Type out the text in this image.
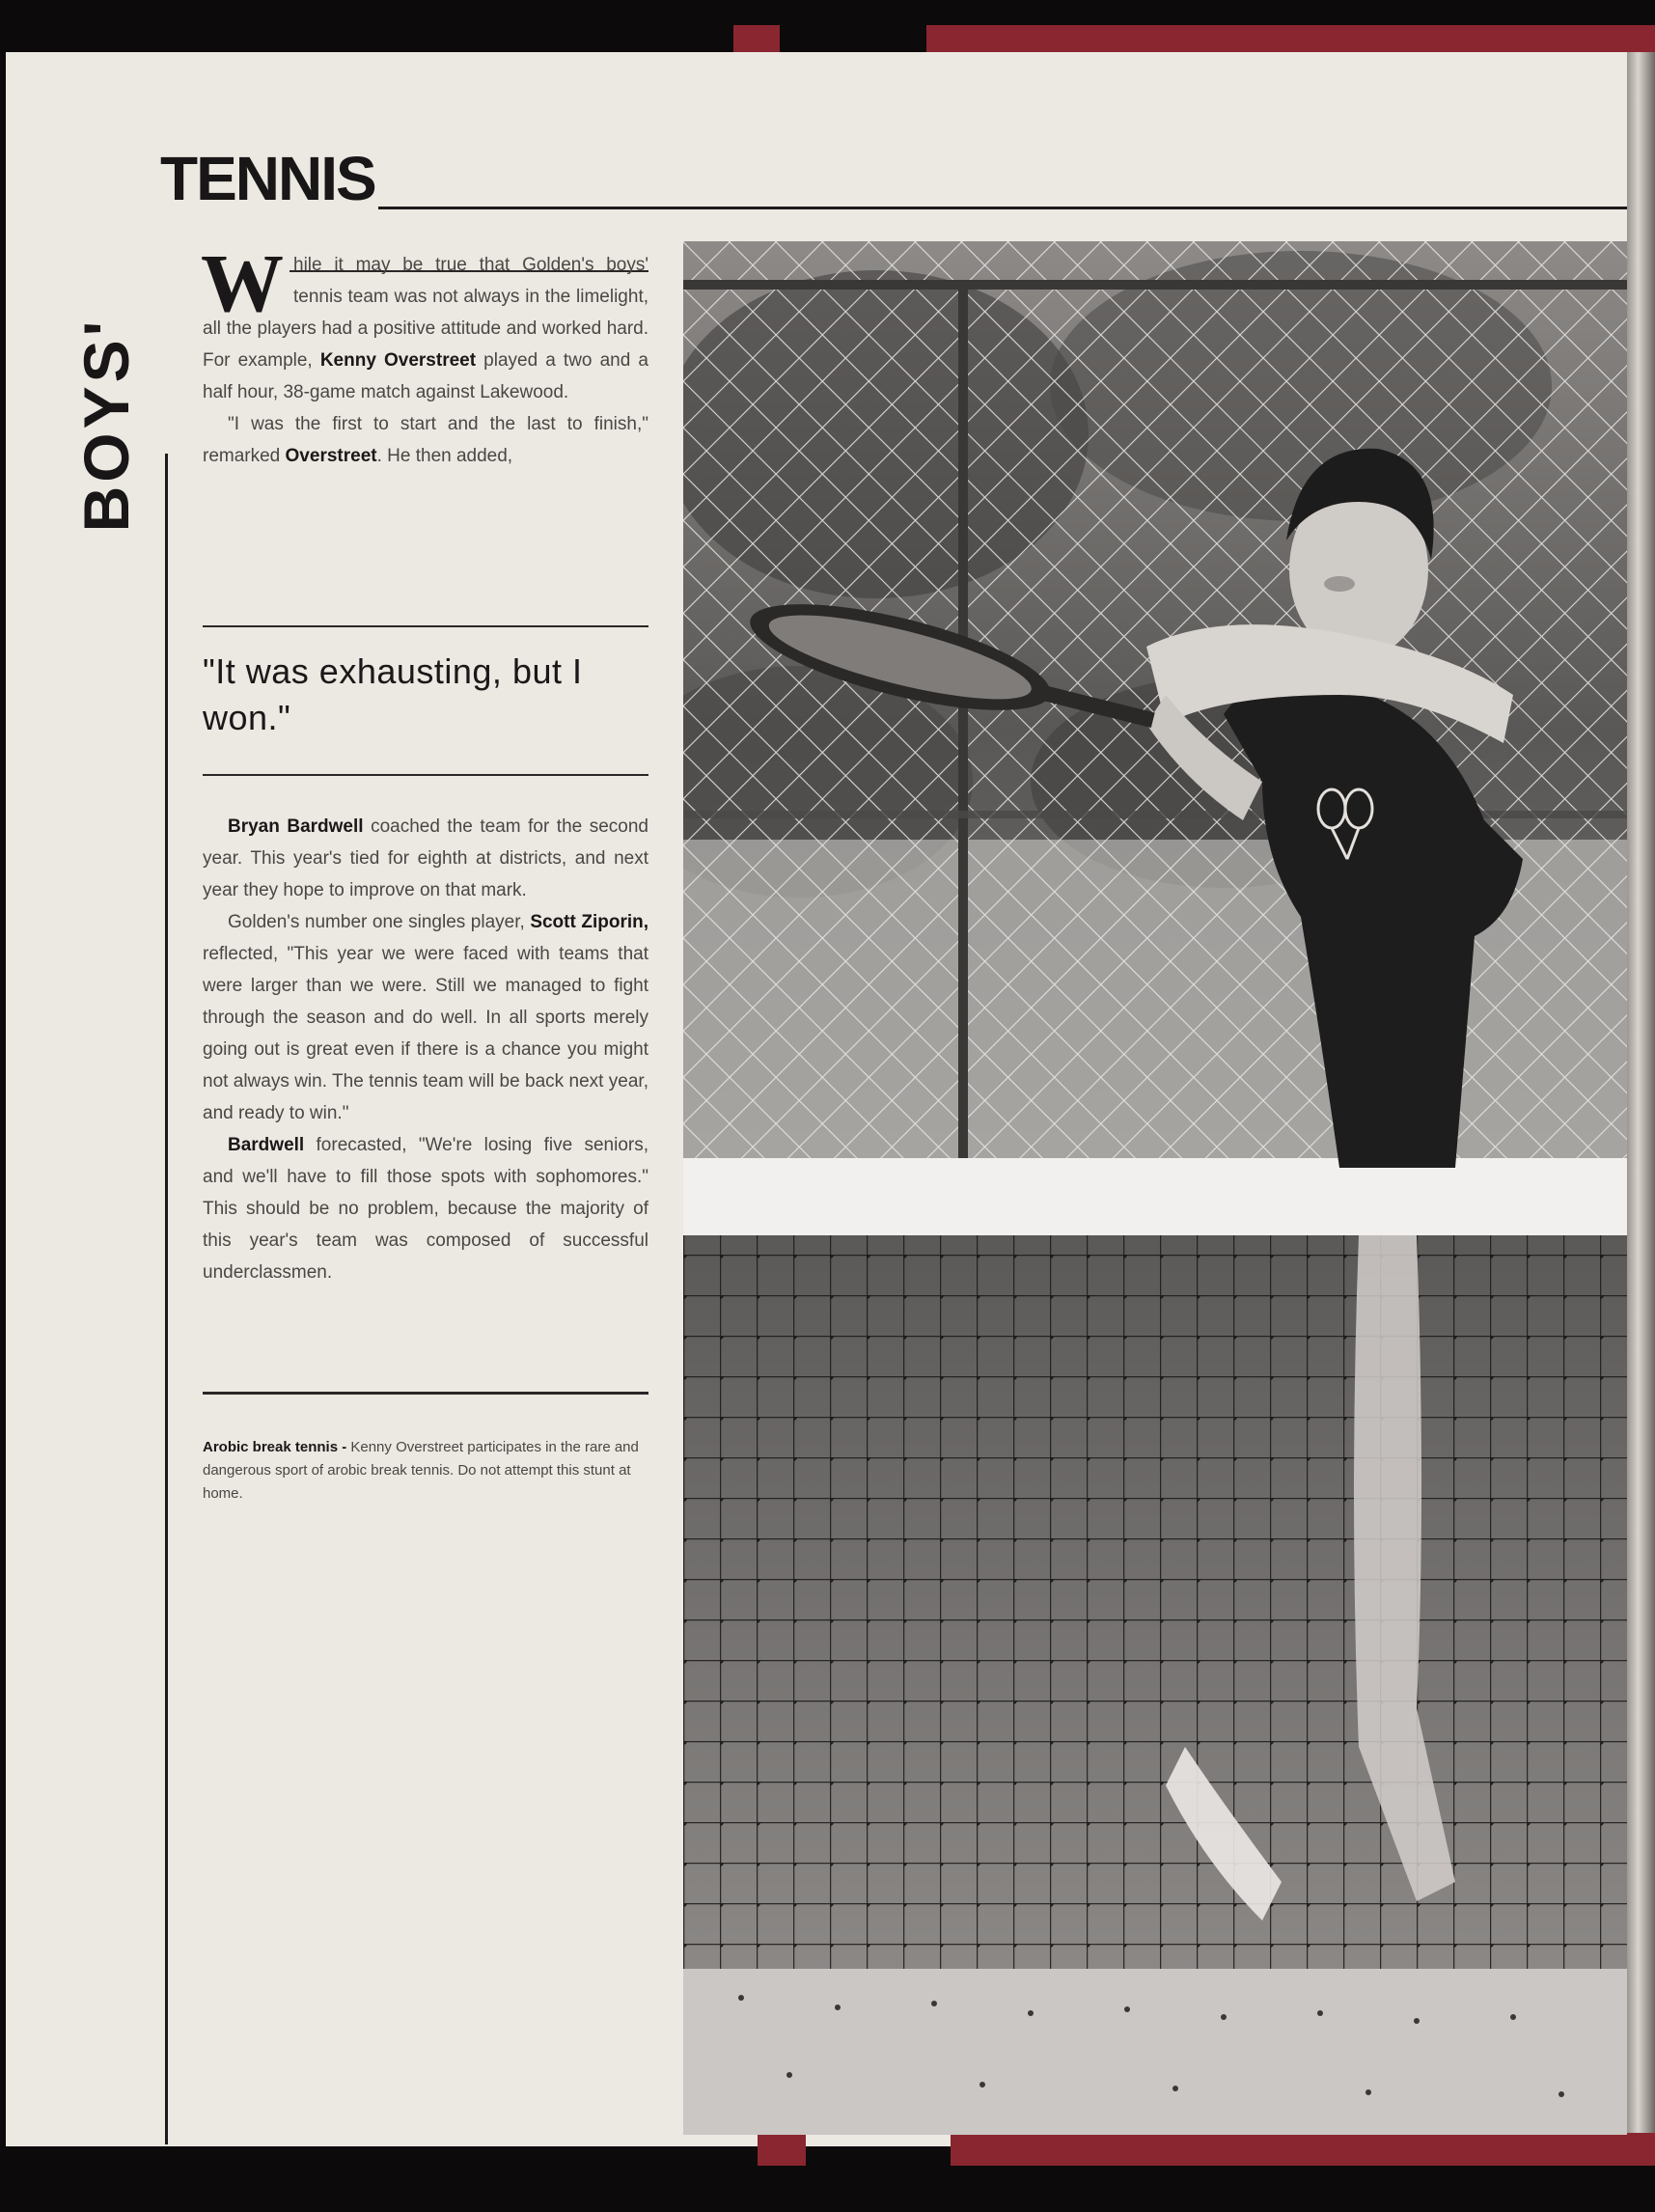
TENNIS
BOYS'

While it may be true that Golden's boys' tennis team was not always in the limelight, all the players had a positive attitude and worked hard. For example, Kenny Overstreet played a two and a half hour, 38-game match against Lakewood.

"I was the first to start and the last to finish," remarked Overstreet. He then added,

"It was exhausting, but I won."

Bryan Bardwell coached the team for the second year. This year's tied for eighth at districts, and next year they hope to improve on that mark.

Golden's number one singles player, Scott Ziporin, reflected, "This year we were faced with teams that were larger than we were. Still we managed to fight through the season and do well. In all sports merely going out is great even if there is a chance you might not always win. The tennis team will be back next year, and ready to win."

Bardwell forecasted, "We're losing five seniors, and we'll have to fill those spots with sophomores." This should be no problem, because the majority of this year's team was composed of successful underclassmen.

Arobic break tennis - Kenny Overstreet participates in the rare and dangerous sport of arobic break tennis. Do not attempt this stunt at home.
